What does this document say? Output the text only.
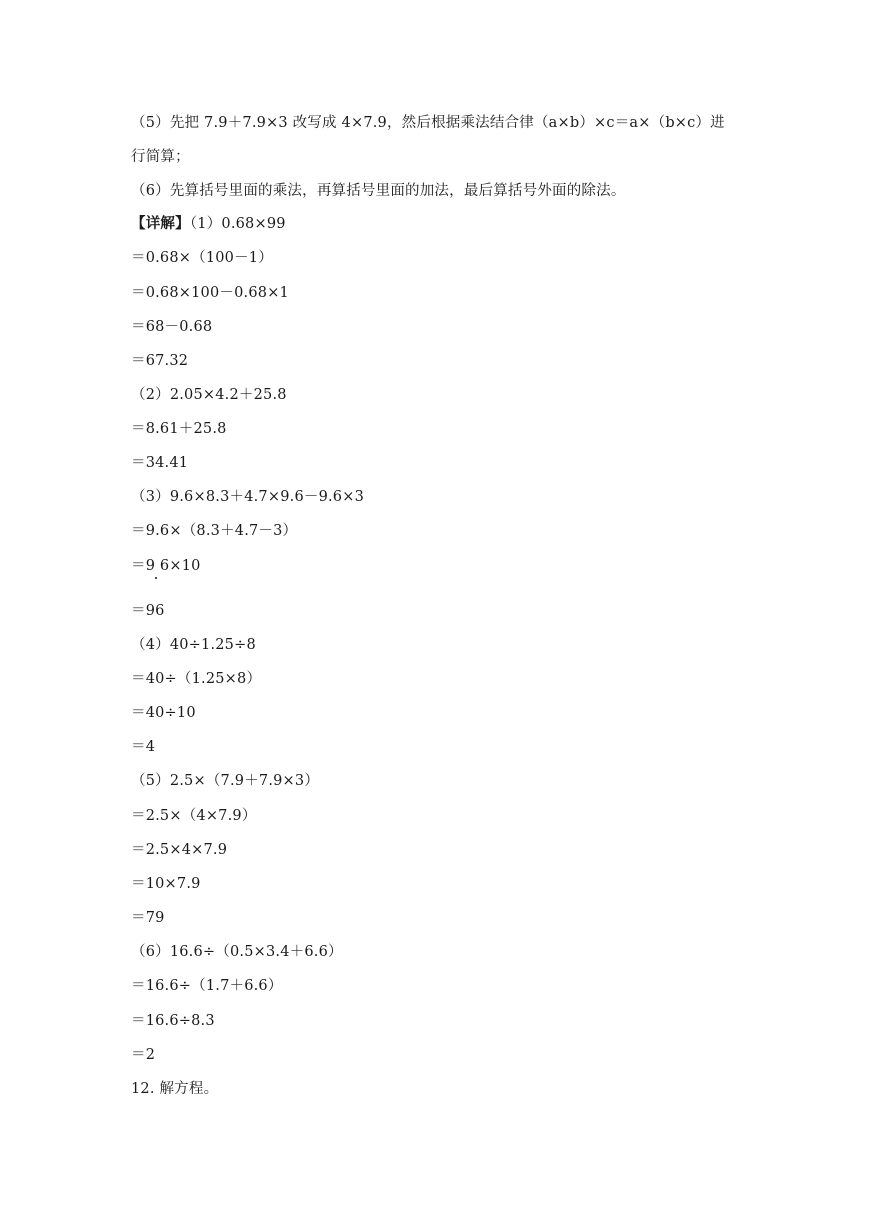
（5）先把 7.9＋7.9×3 改写成 4×7.9，然后根据乘法结合律（a×b）×c＝a×（b×c）进
行简算；
（6）先算括号里面的乘法，再算括号里面的加法，最后算括号外面的除法。
【详解】（1）0.68×99
＝0.68×（100－1）
＝0.68×100－0.68×1
＝68－0.68
＝67.32
（2）2.05×4.2＋25.8
＝8.61＋25.8
＝34.41
（3）9.6×8.3＋4.7×9.6－9.6×3
＝9.6×（8.3＋4.7－3）
＝9 6×10
＝96
（4）40÷1.25÷8
＝40÷（1.25×8）
＝40÷10
＝4
（5）2.5×（7.9＋7.9×3）
＝2.5×（4×7.9）
＝2.5×4×7.9
＝10×7.9
＝79
（6）16.6÷（0.5×3.4＋6.6）
＝16.6÷（1.7＋6.6）
＝16.6÷8.3
＝2
12. 解方程。
